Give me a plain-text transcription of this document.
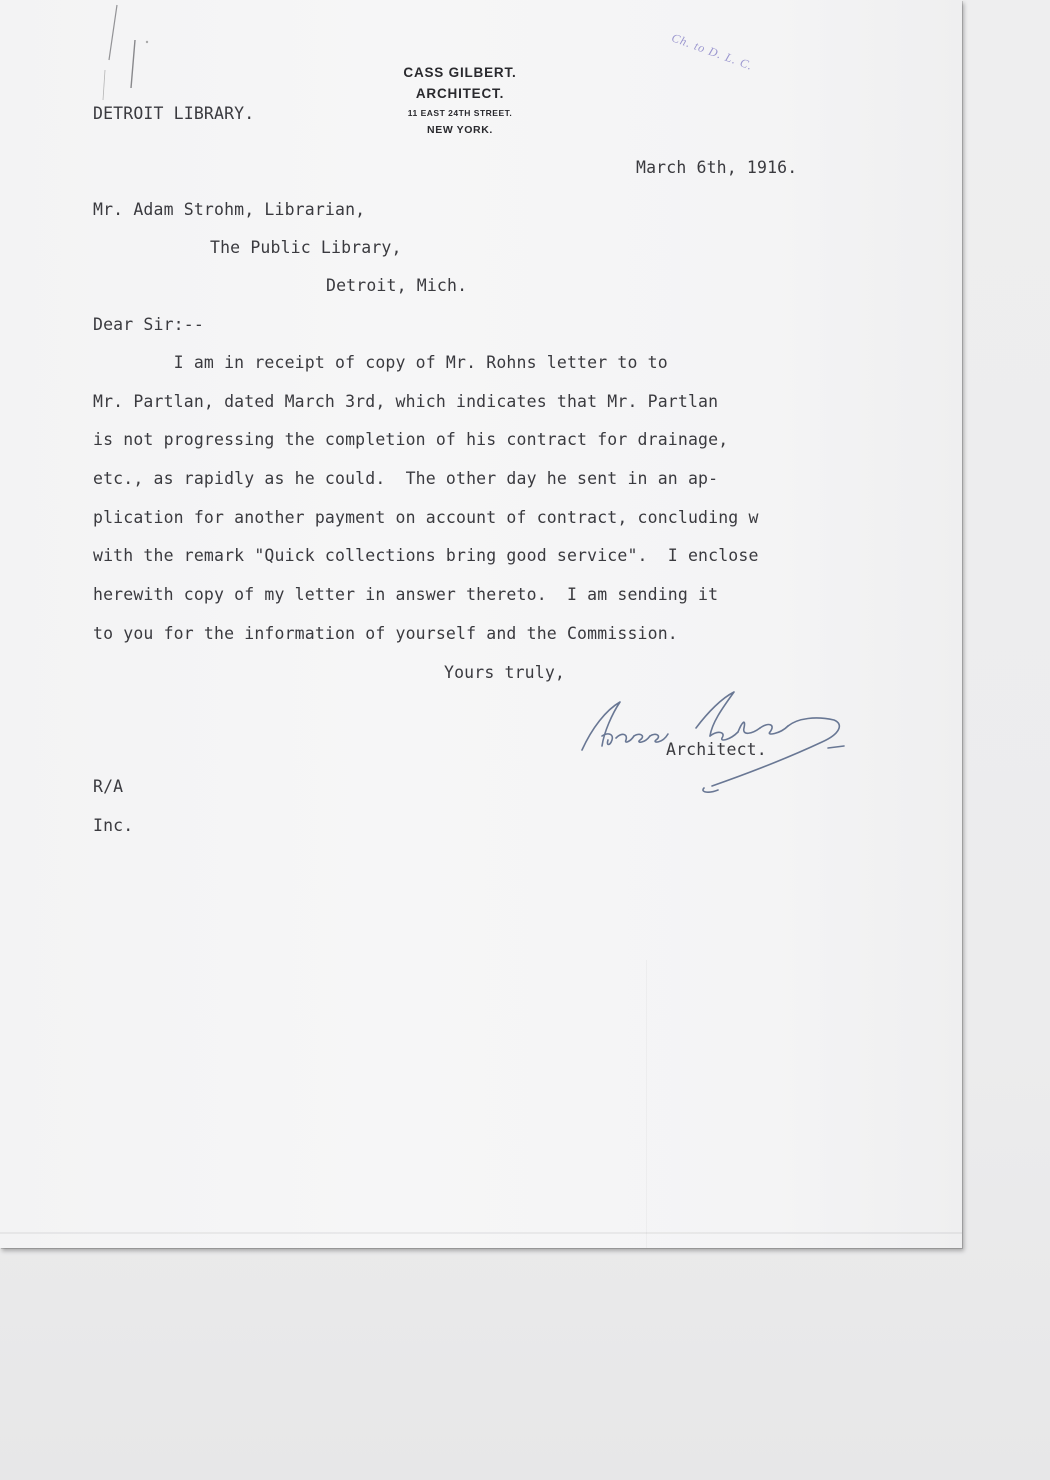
CASS GILBERT.
ARCHITECT.
11 EAST 24TH STREET.
NEW YORK.
Ch. to D. L. C.
DETROIT LIBRARY.
March 6th, 1916.
Mr. Adam Strohm, Librarian,
The Public Library,
Detroit, Mich.
Dear Sir:--
I am in receipt of copy of Mr. Rohns letter to to
Mr. Partlan, dated March 3rd, which indicates that Mr. Partlan
is not progressing the completion of his contract for drainage,
etc., as rapidly as he could.  The other day he sent in an ap-
plication for another payment on account of contract, concluding w
with the remark "Quick collections bring good service".  I enclose
herewith copy of my letter in answer thereto.  I am sending it
to you for the information of yourself and the Commission.
Yours truly,
Architect.
R/A
Inc.
